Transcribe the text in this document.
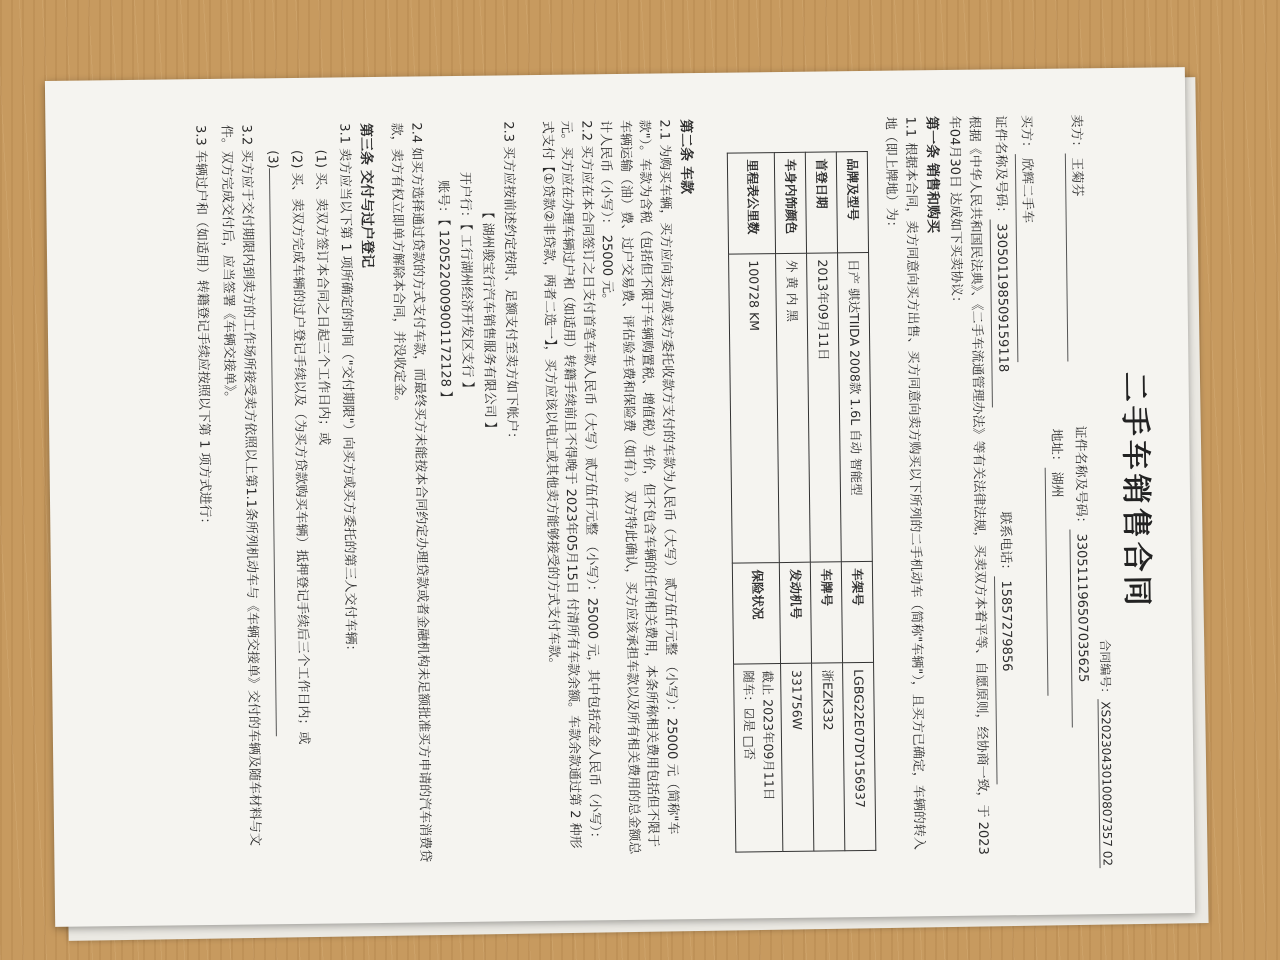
二手车销售合同
合同编号：XS20230430100807357 02
卖方：王菊芬 证件名称及号码：330511196507035625
地址：湖州
买方：欣辉二手车
证件名称及号码：330501198509159118 联系电话：15857279856
根据《中华人民共和国民法典》、《二手车流通管理办法》等有关法律法规，买卖双方本着平等、自愿原则，经协商一致，于 2023年04月30日 达成如下买卖协议：
第一条 销售和购买
1.1根据本合同，卖方同意向买方出售、买方同意向卖方购买以下所列的二手机动车（简称"车辆"），且买方已确定，车辆的转入地（即上牌地）为：
品牌及型号	日产 骐达TIIDA 2008款 1.6L 自动 智能型	车架号	LGBG22E07DY156937
首登日期	2013年09月11日	车牌号	浙EZK332
车身内饰颜色	外 黄 内 黑	发动机号	331756W
里程表公里数	100728 KM	保险状况	截止 2023年09月11日
随车：☑是 □否
第二条 车款
2.1 为购买车辆，买方应向卖方或卖方委托收款方支付的车款为人民币（大写） 贰万伍仟元整 （小写）：25000 元（简称"车款"）。车款为含税（包括但不限于车辆购置税、增值税）车价，但不包含车辆的任何相关费用，本条所称相关费用包括但不限于车辆运输（油）费、过户交易费、评估验车费和保险费（如有）。双方特此确认，买方应该承担车款以及所有相关费用的总金额总计人民币（小写）： 25000 元。
2.2 买方应在本合同签订之日支付首笔车款人民币（大写）贰万伍仟元整 （小写）：25000 元，其中包括定金人民币（小写）： 元。买方应在办理车辆过户和（如适用）转籍手续前且不得晚于 2023年05月15日 付清所有车款余额。车款余款通过第 2 种形式支付【①贷款②非贷款，两者二选一】，买方应该以电汇或其他卖方能够接受的方式支付车款。
2.3 买方应按前述约定按时、足额支付至卖方如下帐户：
【 湖州骏宝行汽车销售服务有限公司 】
开户行：【 工行湖州经济开发区支行 】
账号：【 1205220009001172128 】
2.4 如买方选择通过贷款的方式支付车款，而最终买方未能按本合同约定办理贷款或者金融机构未足额批准买方申请的汽车消费贷款，卖方有权立即单方解除本合同，并没收定金。
第三条 交付与过户登记
3.1 卖方应当以下第 1 项所确定的时间（"交付期限"）向买方或买方委托的第三人交付车辆：
(1) 买、卖双方签订本合同之日起三个工作日内；或
(2) 买、卖双方完成车辆的过户登记手续以及（为买方贷款购买车辆）抵押登记手续后三个工作日内；或
(3)
3.2 买方应于交付期限内到卖方的工作场所接受卖方依照以上第1.1条所列机动车与《车辆交接单》交付的车辆及随车材料与文件。双方完成交付后，应当签署《车辆交接单》。
3.3 车辆过户和（如适用）转籍登记手续应按照以下第 1 项方式进行：
